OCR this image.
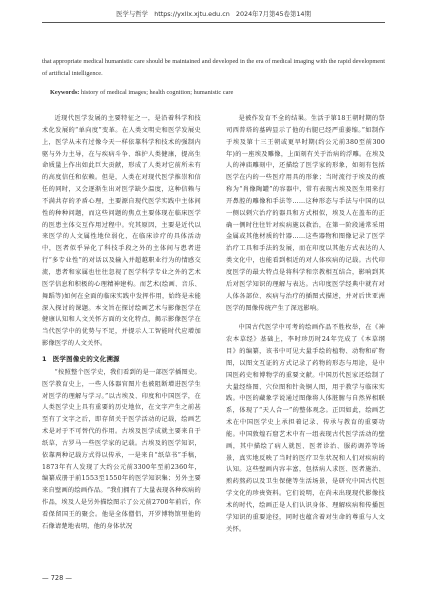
医学与哲学 https://yxllx.xjtu.edu.cn 2024年7月第45卷第14期
that appropriate medical humanistic care should be maintained and developed in the era of medical imaging with the rapid development of artificial intelligence.
Keywords: history of medical images; health cognition; humanistic care

近现代医学发展的主要特征之一，是沿着科学和技术化发展的“单向度”变革。在人类文明史和医学发展史上，医学从未有过像今天一样依靠科学和技术的强制内驱与外力主导，在与疾病斗争、维护人类健康，提高生命质量上作出如此巨大贡献，形成了人类对它前所未有的高度信任和依赖。但是，人类在对现代医学推崇和信任的同时，又会逐渐生出对医学缺少温度，这种信赖与不满共存的矛盾心理，主要源自现代医学实践中主体间性的种种问题，而这些问题的焦点主要体现在临床医学的医患主体交互作用过程中。究其原因，主要是近代以来医学的人文属性地位弱化，在临床诊疗的具体活动中，医者似乎异化了科技手段之外的主体间与患者进行“多专业性”的对话以及输入并超越职业行为的情感交流，患者和家属也往往忽视了医学科学专业之外的艺术医学信息和积极的心理精神建构。而艺术(绘画、音乐、舞蹈等)如何在全面的临床实践中发挥作用，始终是未能深入探讨的课题。本文旨在探讨绘画艺术与影像医学在健康认知和人文关怀方面的文化特点，揭示影像医学在当代医学中的优势与不足，并提示人工智能时代应增加影像医学的人文关怀。

1 医学图像史的文化溯源

“按照整个医学史，我们看到的是一部医学插图史。医学教育史上，一些人体器官图片也被阻断增进医学生对医学的理解与学习。”以古埃及、印度和中国医学，在人类医学史上具有重要的历史地位，在文字产生之前甚至有了文字之后，即存留关于医学活动的记载，绘画艺术是对于不可替代的作用。古埃及医学成就主要来自于纸草，古罗马一些医学家的记载。古埃及的医学知识，依靠两种记载方式得以传承，一是来自“纸草书”手稿，1873年有人发现了大约公元前3300年至前2360年，编纂成册于前1553至1550年的医学知识集；另外主要来自壁画的绘画作品。“我们拥有了大量表现各种疾病的作品，埃及人是另外描绘图示了公元前2700年前后，你看保留国王的聚会。他是全体僧侣，开罗博物馆里他的石像请楚地表明，他的身体状况

是被作发育不全的结果。生活于第18王朝时期的祭司西普塔的墓碑显示了他的右腿已经严重萎缩。”如制作于埃及第十三王朝或更早时期(约公元前380至前300年)的一座埃及雕像，上面刻有关于治病的浮雕。在埃及人的神庙雕刻中，还描绘了医学家的形象，如刻有包括医学在内的一些医疗用具的形象；当时流行于埃及的被称为“肖像陶罐”的容器中，常有表现古埃及医生用来打开鼻腔的雕像和手法等……这种形态与手法与中国的以一侧以刺穴治疗的器具和方式相似，埃及人在盖布的正确一侧时往往针对疾病施以救治，在第一阶段通常采用金属或其他材质的针器……这些器物和图像记录了医学治疗工具和手法的发展，而在印度以其他方式表达的人类文化中，也能看到相近的对人体疾病的记载。古代印度医学的最大特点是将科学和宗教相互结合，影响到其后对医学知识的理解与表达。古印度医学经典中就有对人体各部位、疾病与治疗的插图式描述，并对后世亚洲医学的图像传统产生了深远影响。

中国古代医学中可考的绘画作品不胜枚举，在《神农本草经》基础上，李时珍历时24年完成了《本草纲目》的编纂，该书中可见大量手绘的植物、动物和矿物图，以图文互证的方式记录了药物的形态与用途，是中国医药史和博物学的重要文献。中国历代医家还绘制了大量经络图、穴位图和针灸铜人图，用于教学与临床实践。中医的藏象学说通过图像将人体脏腑与自然界相联系，体现了“天人合一”的整体观念。正因如此，绘画艺术在中国医学史上承担着记录、传承与教育的重要功能。中国敦煌石窟艺术中有一组表现古代医学活动的壁画，其中描绘了病人就医、医者诊治、服药调养等场景，真实地反映了当时的医疗卫生状况和人们对疾病的认知。这些壁画内容丰富，包括病人求医、医者施治、煎药熬药以及卫生保健等生活场景，是研究中国古代医学文化的珍贵资料。它们说明，在尚未出现现代影像技术的时代，绘画正是人们认识身体、理解疾病和传播医学知识的重要途径，同时也蕴含着对生命的尊重与人文关怀。

— 728 —
